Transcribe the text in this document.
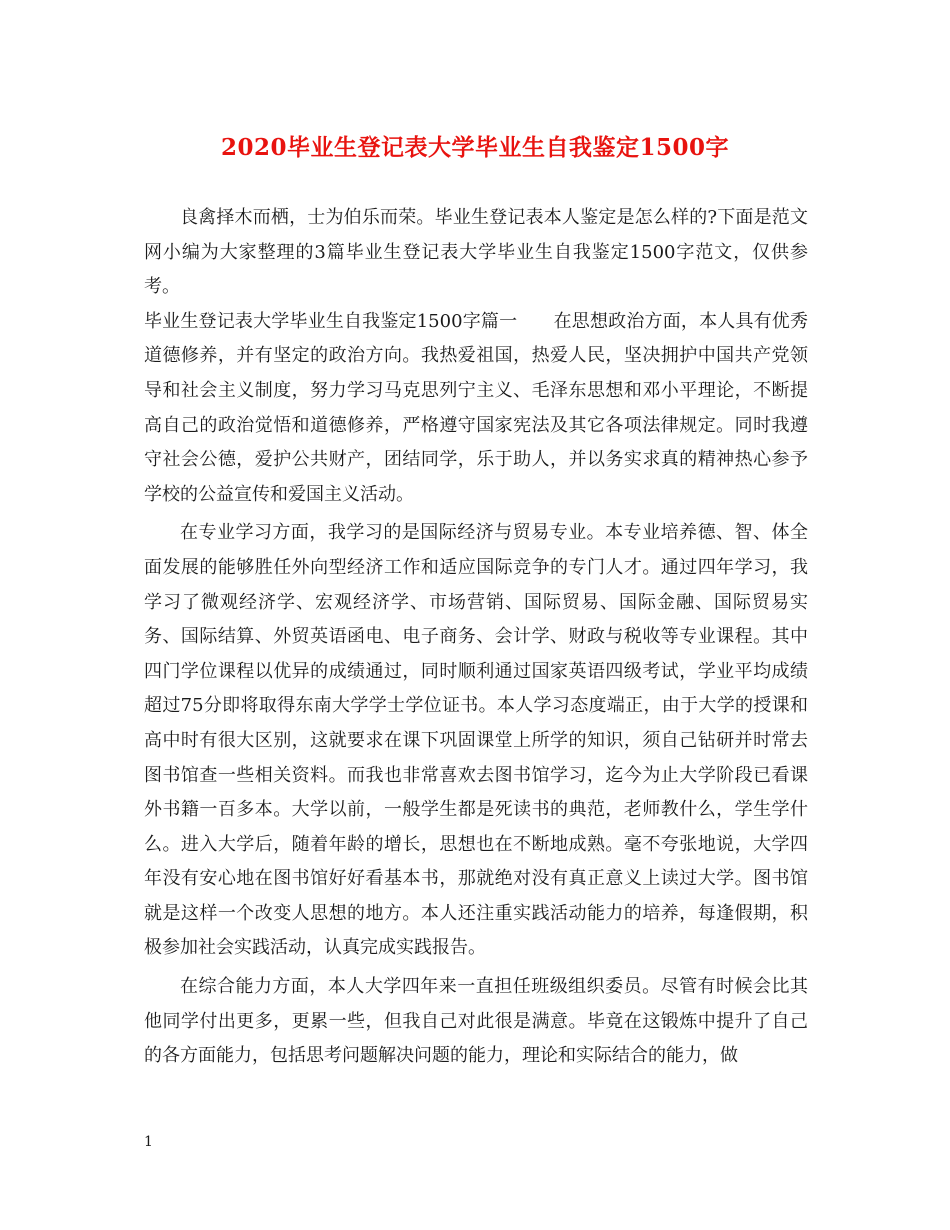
2020毕业生登记表大学毕业生自我鉴定1500字

良禽择木而栖，士为伯乐而荣。毕业生登记表本人鉴定是怎么样的?下面是范文网小编为大家整理的3篇毕业生登记表大学毕业生自我鉴定1500字范文，仅供参考。

毕业生登记表大学毕业生自我鉴定1500字篇一　　在思想政治方面，本人具有优秀道德修养，并有坚定的政治方向。我热爱祖国，热爱人民，坚决拥护中国共产党领导和社会主义制度，努力学习马克思列宁主义、毛泽东思想和邓小平理论，不断提高自己的政治觉悟和道德修养，严格遵守国家宪法及其它各项法律规定。同时我遵守社会公德，爱护公共财产，团结同学，乐于助人，并以务实求真的精神热心参予学校的公益宣传和爱国主义活动。

在专业学习方面，我学习的是国际经济与贸易专业。本专业培养德、智、体全面发展的能够胜任外向型经济工作和适应国际竞争的专门人才。通过四年学习，我学习了微观经济学、宏观经济学、市场营销、国际贸易、国际金融、国际贸易实务、国际结算、外贸英语函电、电子商务、会计学、财政与税收等专业课程。其中四门学位课程以优异的成绩通过，同时顺利通过国家英语四级考试，学业平均成绩超过75分即将取得东南大学学士学位证书。本人学习态度端正，由于大学的授课和高中时有很大区别，这就要求在课下巩固课堂上所学的知识，须自己钻研并时常去图书馆查一些相关资料。而我也非常喜欢去图书馆学习，迄今为止大学阶段已看课外书籍一百多本。大学以前，一般学生都是死读书的典范，老师教什么，学生学什么。进入大学后，随着年龄的增长，思想也在不断地成熟。毫不夸张地说，大学四年没有安心地在图书馆好好看基本书，那就绝对没有真正意义上读过大学。图书馆就是这样一个改变人思想的地方。本人还注重实践活动能力的培养，每逢假期，积极参加社会实践活动，认真完成实践报告。

在综合能力方面，本人大学四年来一直担任班级组织委员。尽管有时候会比其他同学付出更多，更累一些，但我自己对此很是满意。毕竟在这锻炼中提升了自己的各方面能力，包括思考问题解决问题的能力，理论和实际结合的能力，做

1
